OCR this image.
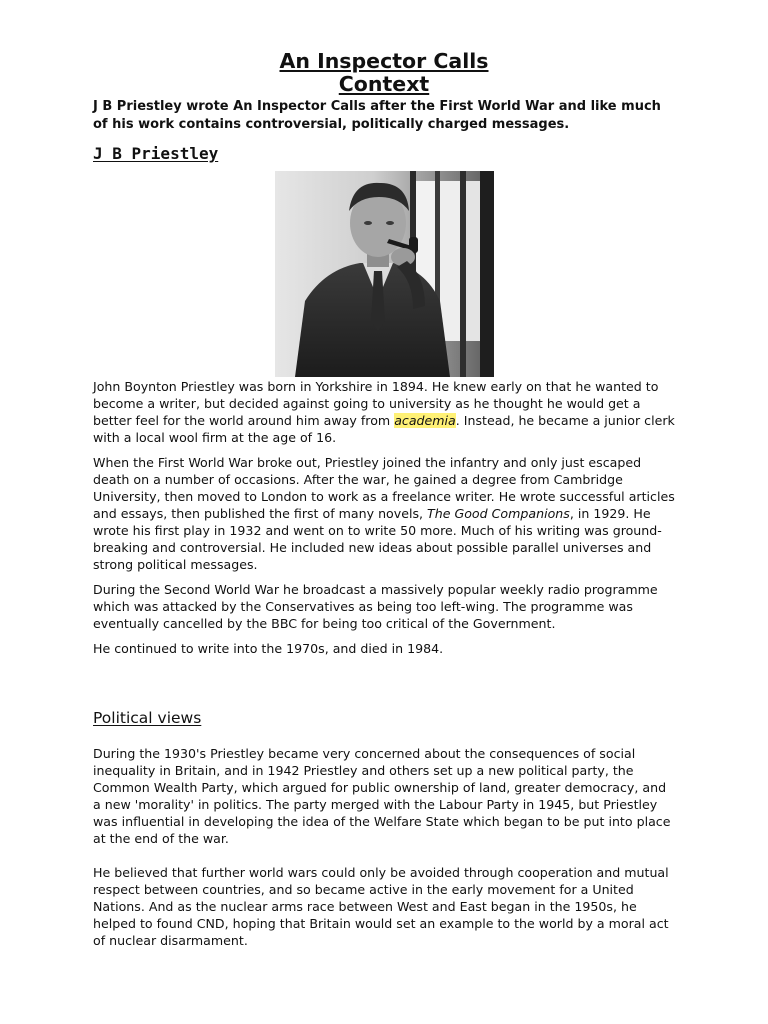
An Inspector Calls
Context
J B Priestley wrote An Inspector Calls after the First World War and like much of his work contains controversial, politically charged messages.
J B Priestley

John Boynton Priestley was born in Yorkshire in 1894. He knew early on that he wanted to become a writer, but decided against going to university as he thought he would get a better feel for the world around him away from academia. Instead, he became a junior clerk with a local wool firm at the age of 16.

When the First World War broke out, Priestley joined the infantry and only just escaped death on a number of occasions. After the war, he gained a degree from Cambridge University, then moved to London to work as a freelance writer. He wrote successful articles and essays, then published the first of many novels, The Good Companions, in 1929. He wrote his first play in 1932 and went on to write 50 more. Much of his writing was ground-breaking and controversial. He included new ideas about possible parallel universes and strong political messages.

During the Second World War he broadcast a massively popular weekly radio programme which was attacked by the Conservatives as being too left-wing. The programme was eventually cancelled by the BBC for being too critical of the Government.

He continued to write into the 1970s, and died in 1984.

Political views

During the 1930's Priestley became very concerned about the consequences of social inequality in Britain, and in 1942 Priestley and others set up a new political party, the Common Wealth Party, which argued for public ownership of land, greater democracy, and a new 'morality' in politics. The party merged with the Labour Party in 1945, but Priestley was influential in developing the idea of the Welfare State which began to be put into place at the end of the war.

He believed that further world wars could only be avoided through cooperation and mutual respect between countries, and so became active in the early movement for a United Nations. And as the nuclear arms race between West and East began in the 1950s, he helped to found CND, hoping that Britain would set an example to the world by a moral act of nuclear disarmament.
